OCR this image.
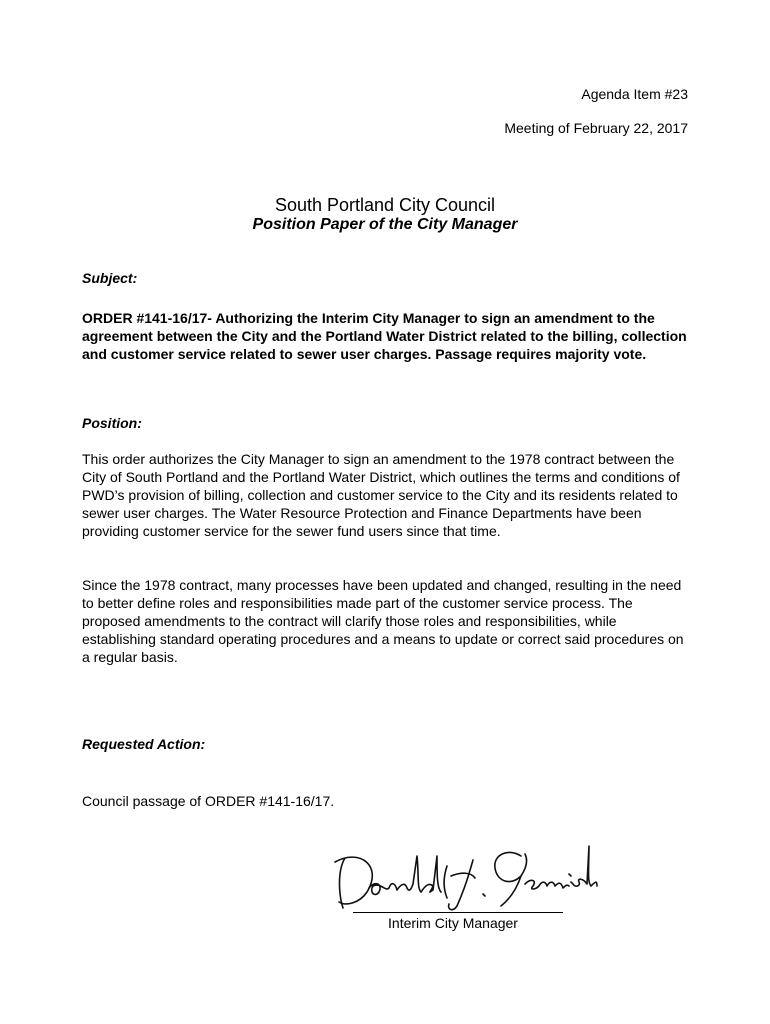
Agenda Item #23
Meeting of February 22, 2017
South Portland City Council
Position Paper of the City Manager
Subject:
ORDER #141-16/17- Authorizing the Interim City Manager to sign an amendment to the agreement between the City and the Portland Water District related to the billing, collection and customer service related to sewer user charges. Passage requires majority vote.
Position:
This order authorizes the City Manager to sign an amendment to the 1978 contract between the City of South Portland and the Portland Water District, which outlines the terms and conditions of PWD’s provision of billing, collection and customer service to the City and its residents related to sewer user charges. The Water Resource Protection and Finance Departments have been providing customer service for the sewer fund users since that time.
Since the 1978 contract, many processes have been updated and changed, resulting in the need to better define roles and responsibilities made part of the customer service process. The proposed amendments to the contract will clarify those roles and responsibilities, while establishing standard operating procedures and a means to update or correct said procedures on a regular basis.
Requested Action:
Council passage of ORDER #141-16/17.
Interim City Manager
